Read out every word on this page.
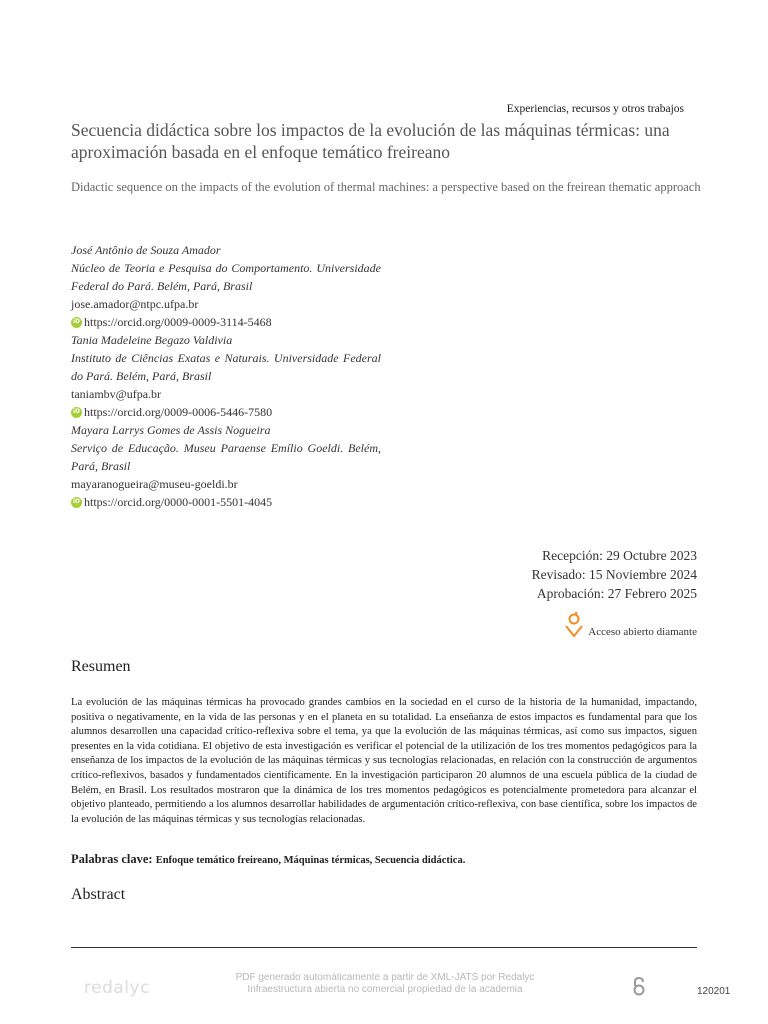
Experiencias, recursos y otros trabajos
Secuencia didáctica sobre los impactos de la evolución de las máquinas térmicas: una aproximación basada en el enfoque temático freireano
Didactic sequence on the impacts of the evolution of thermal machines: a perspective based on the freirean thematic approach
José Antônio de Souza Amador
Núcleo de Teoria e Pesquisa do Comportamento. Universidade Federal do Pará. Belém, Pará, Brasil
jose.amador@ntpc.ufpa.br
iD https://orcid.org/0009-0009-3114-5468
Tania Madeleine Begazo Valdivia
Instituto de Ciências Exatas e Naturais. Universidade Federal do Pará. Belém, Pará, Brasil
taniambv@ufpa.br
iD https://orcid.org/0009-0006-5446-7580
Mayara Larrys Gomes de Assis Nogueira
Serviço de Educação. Museu Paraense Emílio Goeldi. Belém, Pará, Brasil
mayaranogueira@museu-goeldi.br
iD https://orcid.org/0000-0001-5501-4045
Recepción: 29 Octubre 2023
Revisado: 15 Noviembre 2024
Aprobación: 27 Febrero 2025
Acceso abierto diamante
Resumen
La evolución de las máquinas térmicas ha provocado grandes cambios en la sociedad en el curso de la historia de la humanidad, impactando, positiva o negativamente, en la vida de las personas y en el planeta en su totalidad. La enseñanza de estos impactos es fundamental para que los alumnos desarrollen una capacidad crítico-reflexiva sobre el tema, ya que la evolución de las máquinas térmicas, así como sus impactos, siguen presentes en la vida cotidiana. El objetivo de esta investigación es verificar el potencial de la utilización de los tres momentos pedagógicos para la enseñanza de los impactos de la evolución de las máquinas térmicas y sus tecnologías relacionadas, en relación con la construcción de argumentos crítico-reflexivos, basados y fundamentados científicamente. En la investigación participaron 20 alumnos de una escuela pública de la ciudad de Belém, en Brasil. Los resultados mostraron que la dinámica de los tres momentos pedagógicos es potencialmente prometedora para alcanzar el objetivo planteado, permitiendo a los alumnos desarrollar habilidades de argumentación crítico-reflexiva, con base científica, sobre los impactos de la evolución de las máquinas térmicas y sus tecnologías relacionadas.
Palabras clave: Enfoque temático freireano, Máquinas térmicas, Secuencia didáctica.
Abstract
redalyc
PDF generado automáticamente a partir de XML-JATS por Redalyc
Infraestructura abierta no comercial propiedad de la academia	120201
